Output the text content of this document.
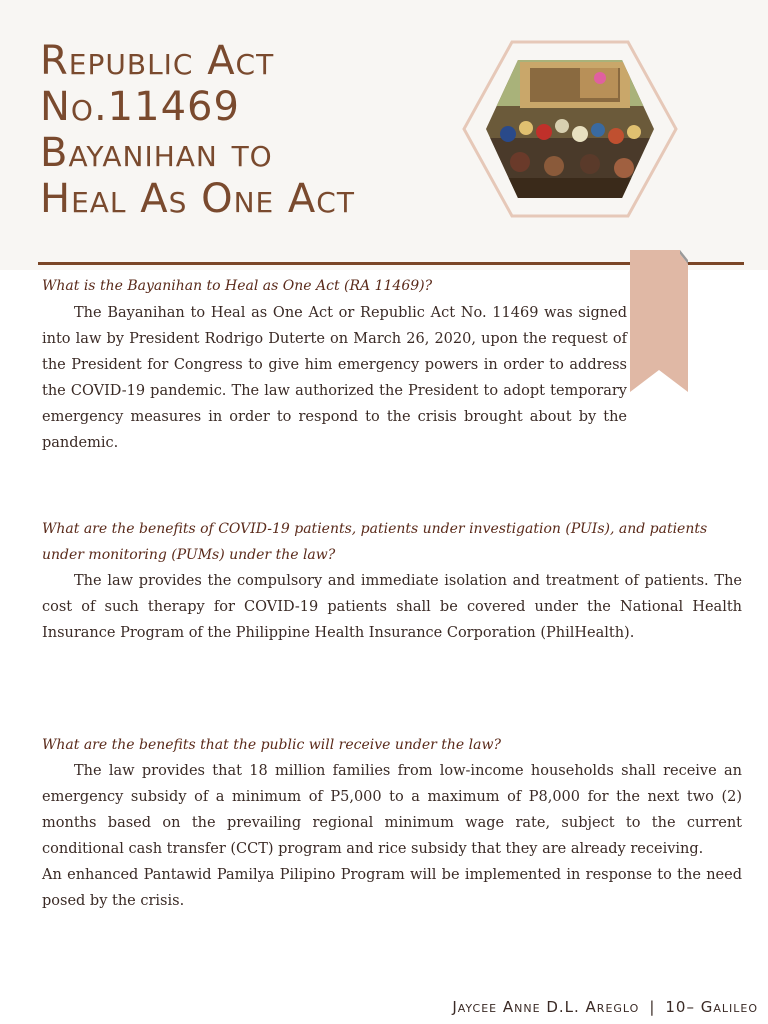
Republic Act
No.11469
Bayanihan to
Heal As One Act

What is the Bayanihan to Heal as One Act (RA 11469)?

The Bayanihan to Heal as One Act or Republic Act No. 11469 was signed into law by President Rodrigo Duterte on March 26, 2020, upon the request of the President for Congress to give him emergency powers in order to address the COVID-19 pandemic. The law authorized the President to adopt temporary emergency measures in order to respond to the crisis brought about by the pandemic.

What are the benefits of COVID-19 patients, patients under investigation (PUIs), and patients under monitoring (PUMs) under the law?

The law provides the compulsory and immediate isolation and treatment of patients. The cost of such therapy for COVID-19 patients shall be covered under the National Health Insurance Program of the Philippine Health Insurance Corporation (PhilHealth).

What are the benefits that the public will receive under the law?

The law provides that 18 million families from low-income households shall receive an emergency subsidy of a minimum of P5,000 to a maximum of P8,000 for the next two (2) months based on the prevailing regional minimum wage rate, subject to the current conditional cash transfer (CCT) program and rice subsidy that they are already receiving.

An enhanced Pantawid Pamilya Pilipino Program will be implemented in response to the need posed by the crisis.

Jaycee Anne D.L. Areglo | 10– Galileo
